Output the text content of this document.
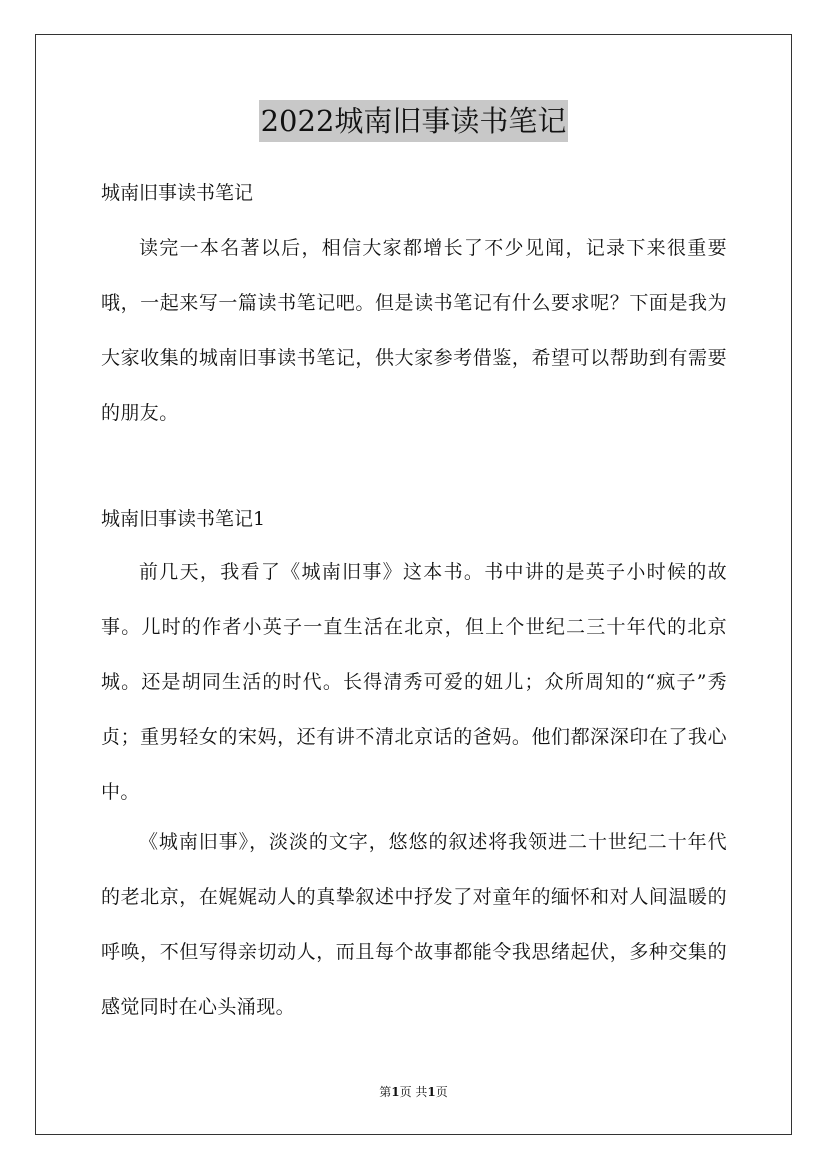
2022城南旧事读书笔记

城南旧事读书笔记

读完一本名著以后，相信大家都增长了不少见闻，记录下来很重要哦，一起来写一篇读书笔记吧。但是读书笔记有什么要求呢？下面是我为大家收集的城南旧事读书笔记，供大家参考借鉴，希望可以帮助到有需要的朋友。

城南旧事读书笔记1

前几天，我看了《城南旧事》这本书。书中讲的是英子小时候的故事。儿时的作者小英子一直生活在北京，但上个世纪二三十年代的北京城。还是胡同生活的时代。长得清秀可爱的妞儿；众所周知的“疯子”秀贞；重男轻女的宋妈，还有讲不清北京话的爸妈。他们都深深印在了我心中。

《城南旧事》，淡淡的文字，悠悠的叙述将我领进二十世纪二十年代的老北京，在娓娓动人的真挚叙述中抒发了对童年的缅怀和对人间温暖的呼唤，不但写得亲切动人，而且每个故事都能令我思绪起伏，多种交集的感觉同时在心头涌现。

第1页 共1页
